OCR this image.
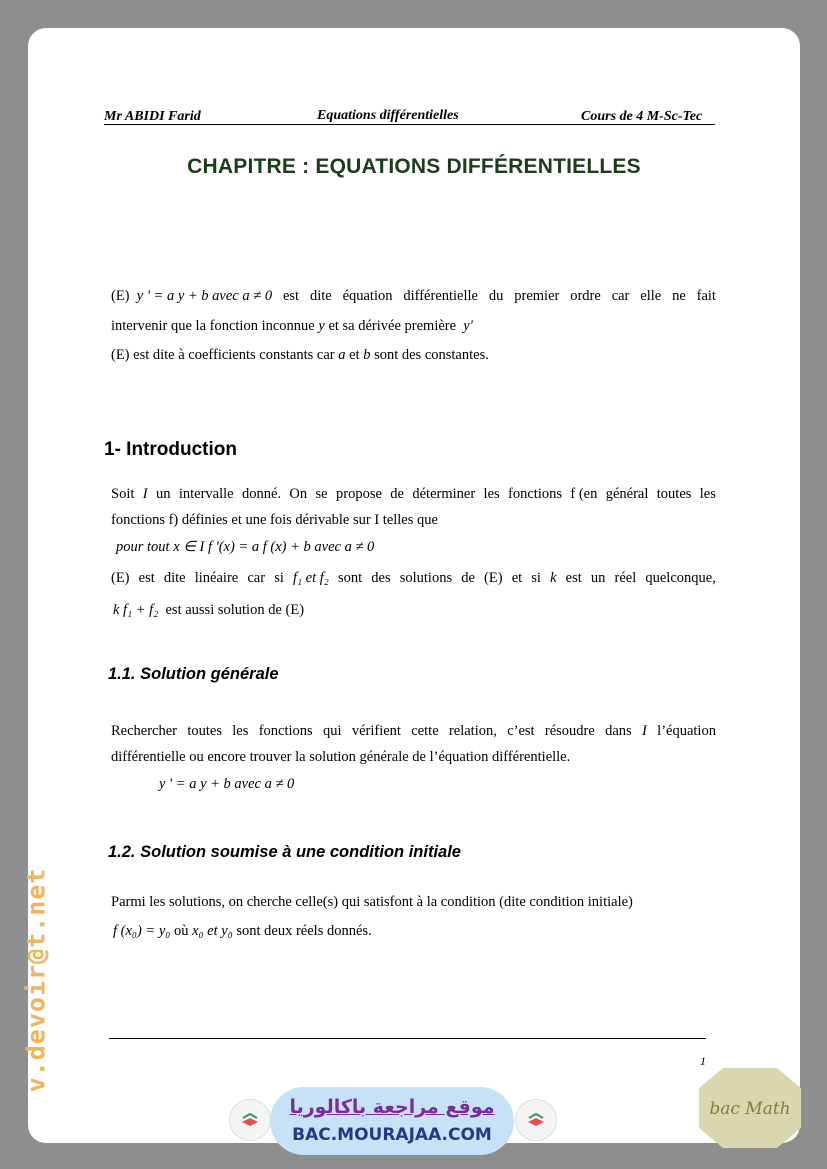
Mr ABIDI Farid	Equations différentielles	Cours de 4 M-Sc-Tec
CHAPITRE : EQUATIONS DIFFÉRENTIELLES
(E) y ' = a y + b avec a ≠ 0 est dite équation différentielle du premier ordre car elle ne fait
intervenir que la fonction inconnue y et sa dérivée première y′
(E) est dite à coefficients constants car a et b sont des constantes.
1- Introduction
Soit I un intervalle donné. On se propose de déterminer les fonctions f (en général toutes les
fonctions f) définies et une fois dérivable sur I telles que
pour tout x ∈ I f '(x) = a f (x) + b avec a ≠ 0
(E) est dite linéaire car si f₁ et f₂ sont des solutions de (E) et si k est un réel quelconque,
k f₁ + f₂ est aussi solution de (E)
1.1. Solution générale
Rechercher toutes les fonctions qui vérifient cette relation, c’est résoudre dans I l’équation
différentielle ou encore trouver la solution générale de l’équation différentielle.
y ' = a y + b avec a ≠ 0
1.2. Solution soumise à une condition initiale
Parmi les solutions, on cherche celle(s) qui satisfont à la condition (dite condition initiale)
f (x₀) = y₀ où x₀ et y₀ sont deux réels donnés.
1
v.devoir@t.net
موقع مراجعة باكالوريا
BAC.MOURAJAA.COM
bac Math
